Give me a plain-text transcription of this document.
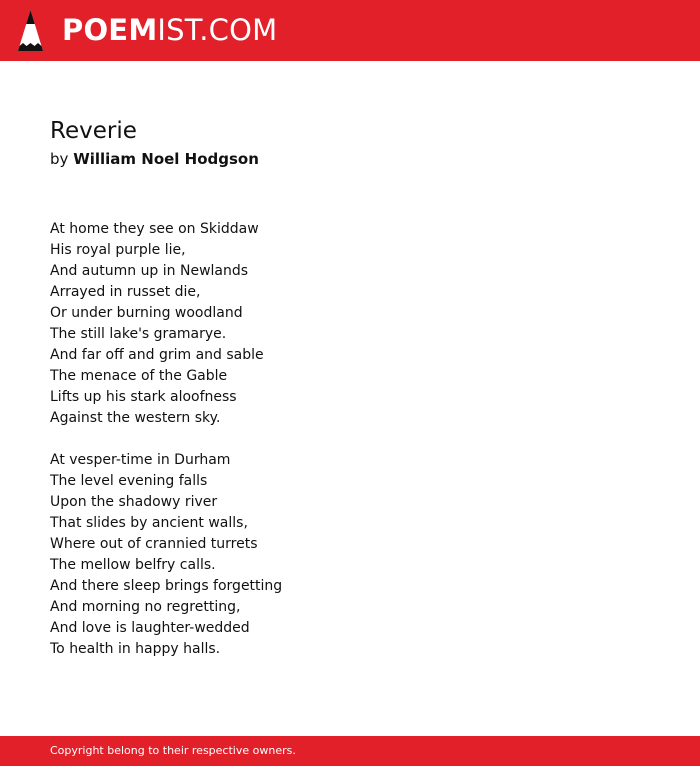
POEMIST.COM
Reverie
by William Noel Hodgson
At home they see on Skiddaw
His royal purple lie,
And autumn up in Newlands
Arrayed in russet die,
Or under burning woodland
The still lake's gramarye.
And far off and grim and sable
The menace of the Gable
Lifts up his stark aloofness
Against the western sky.
At vesper-time in Durham
The level evening falls
Upon the shadowy river
That slides by ancient walls,
Where out of crannied turrets
The mellow belfry calls.
And there sleep brings forgetting
And morning no regretting,
And love is laughter-wedded
To health in happy halls.
Copyright belong to their respective owners.
